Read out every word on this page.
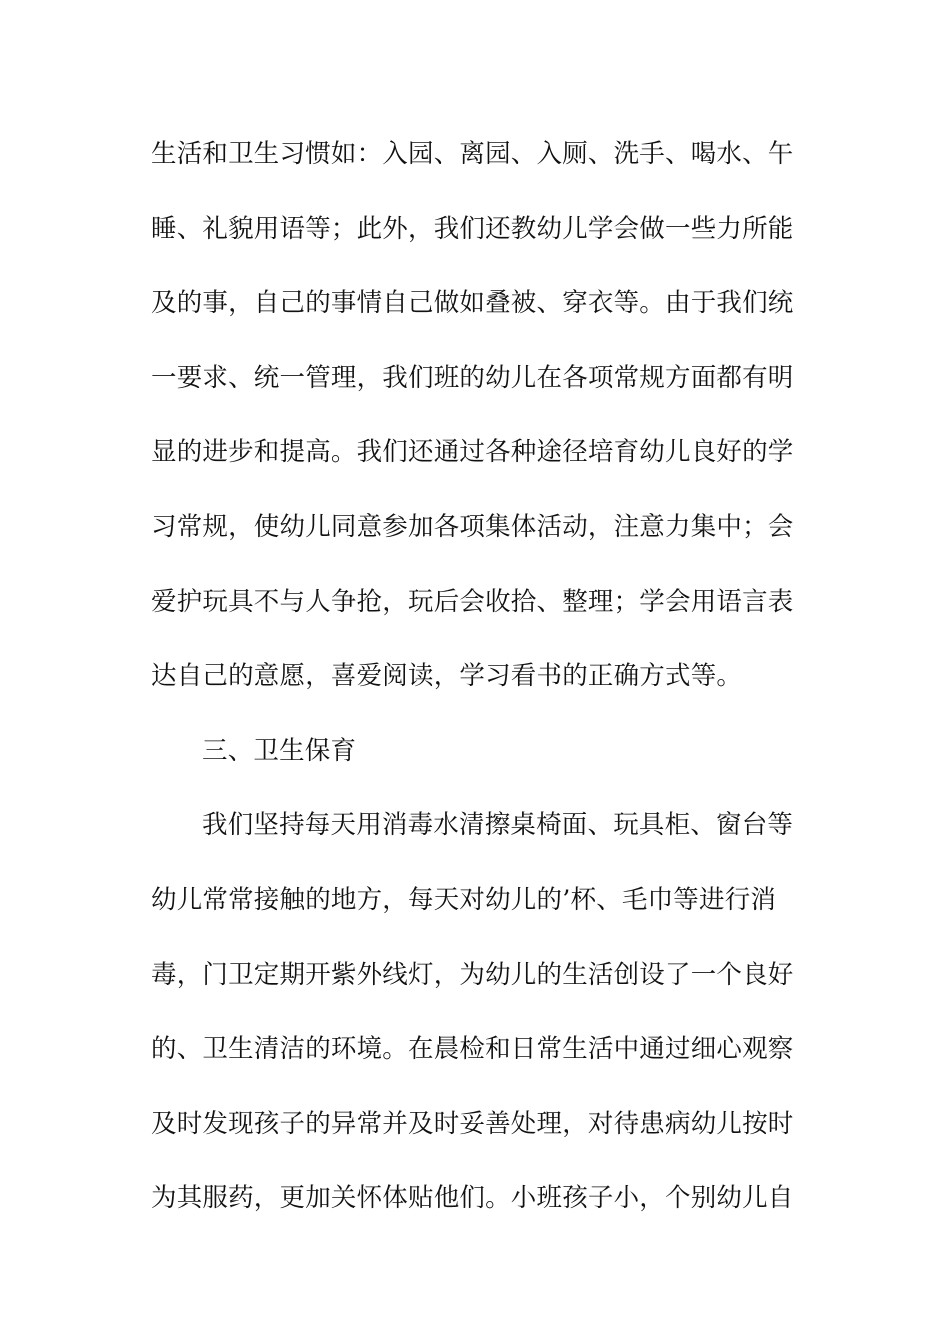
生活和卫生习惯如：入园、离园、入厕、洗手、喝水、午
睡、礼貌用语等；此外，我们还教幼儿学会做一些力所能
及的事，自己的事情自己做如叠被、穿衣等。由于我们统
一要求、统一管理，我们班的幼儿在各项常规方面都有明
显的进步和提高。我们还通过各种途径培育幼儿良好的学
习常规，使幼儿同意参加各项集体活动，注意力集中；会
爱护玩具不与人争抢，玩后会收拾、整理；学会用语言表
达自己的意愿，喜爱阅读，学习看书的正确方式等。
三、卫生保育
我们坚持每天用消毒水清擦桌椅面、玩具柜、窗台等
幼儿常常接触的地方，每天对幼儿的’杯、毛巾等进行消
毒，门卫定期开紫外线灯，为幼儿的生活创设了一个良好
的、卫生清洁的环境。在晨检和日常生活中通过细心观察
及时发现孩子的异常并及时妥善处理，对待患病幼儿按时
为其服药，更加关怀体贴他们。小班孩子小，个别幼儿自
